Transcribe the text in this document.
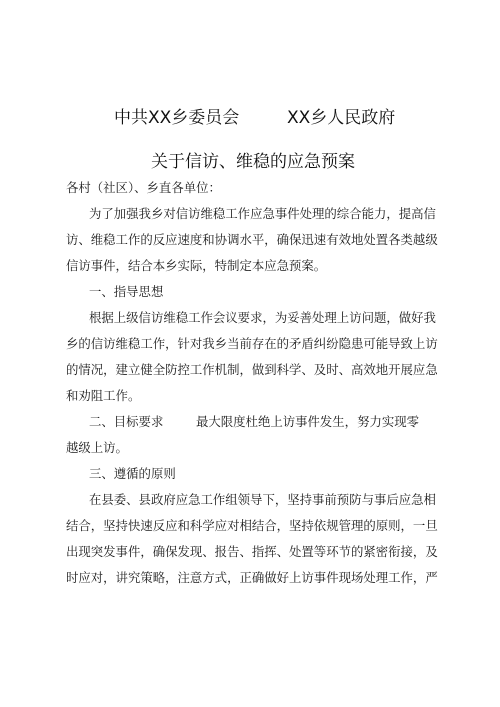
中共XX乡委员会	XX乡人民政府
关于信访、维稳的应急预案
各村（社区）、乡直各单位：
为了加强我乡对信访维稳工作应急事件处理的综合能力，提高信
访、维稳工作的反应速度和协调水平，确保迅速有效地处置各类越级
信访事件，结合本乡实际，特制定本应急预案。
一、指导思想
根据上级信访维稳工作会议要求，为妥善处理上访问题，做好我
乡的信访维稳工作，针对我乡当前存在的矛盾纠纷隐患可能导致上访
的情况，建立健全防控工作机制，做到科学、及时、高效地开展应急
和劝阻工作。
二、目标要求	最大限度杜绝上访事件发生，努力实现零
越级上访。
三、遵循的原则
在县委、县政府应急工作组领导下，坚持事前预防与事后应急相
结合，坚持快速反应和科学应对相结合，坚持依规管理的原则，一旦
出现突发事件，确保发现、报告、指挥、处置等环节的紧密衔接，及
时应对，讲究策略，注意方式，正确做好上访事件现场处理工作，严
